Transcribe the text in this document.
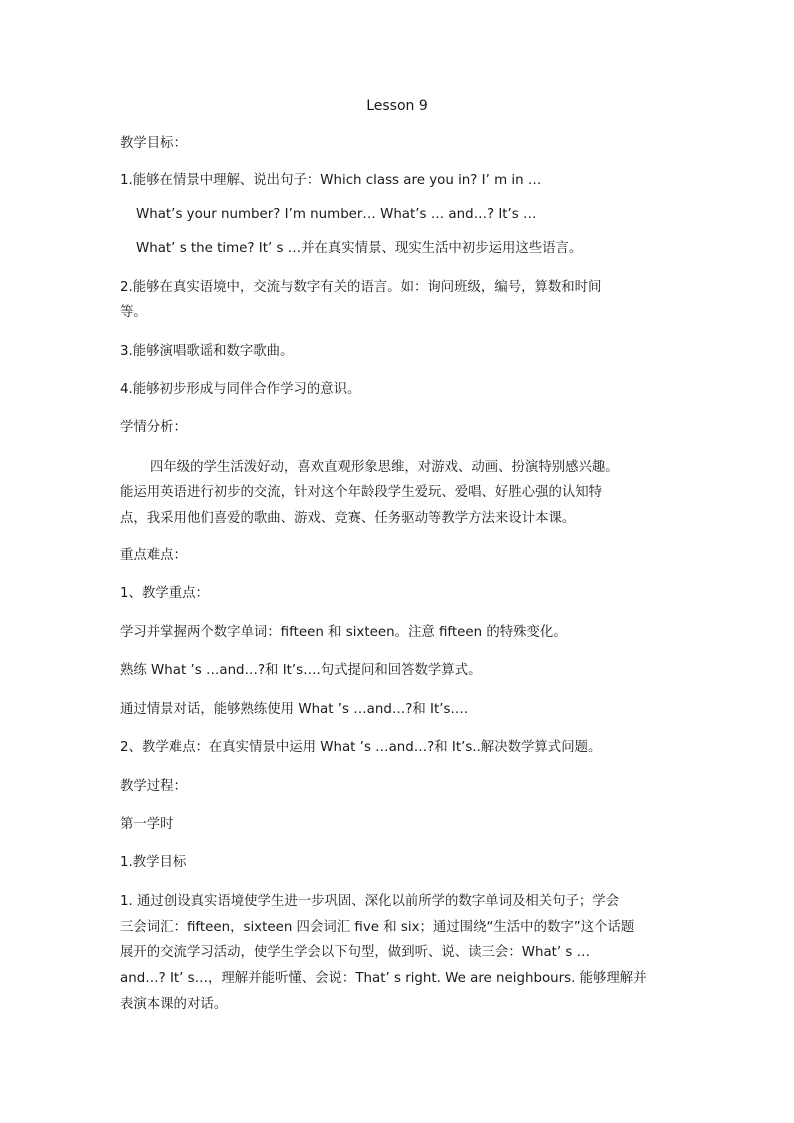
Lesson 9
教学目标：
1.能够在情景中理解、说出句子：Which class are you in? I’ m in …
What’s your number? I’m number… What’s … and…? It’s …
What’ s the time? It’ s …并在真实情景、现实生活中初步运用这些语言。
2.能够在真实语境中，交流与数字有关的语言。如：询问班级，编号，算数和时间
等。
3.能够演唱歌谣和数字歌曲。
4.能够初步形成与同伴合作学习的意识。
学情分析：
四年级的学生活泼好动，喜欢直观形象思维，对游戏、动画、扮演特别感兴趣。
能运用英语进行初步的交流，针对这个年龄段学生爱玩、爱唱、好胜心强的认知特
点，我采用他们喜爱的歌曲、游戏、竞赛、任务驱动等教学方法来设计本课。
重点难点：
1、教学重点：
学习并掌握两个数字单词：fifteen 和 sixteen。注意 fifteen 的特殊变化。
熟练 What ’s …and…?和 It’s….句式提问和回答数学算式。
通过情景对话，能够熟练使用 What ’s …and…?和 It’s….
2、教学难点：在真实情景中运用 What ’s …and…?和 It’s..解决数学算式问题。
教学过程：
第一学时
1.教学目标
1. 通过创设真实语境使学生进一步巩固、深化以前所学的数字单词及相关句子；学会
三会词汇：fifteen，sixteen 四会词汇 five 和 six；通过围绕“生活中的数字”这个话题
展开的交流学习活动，使学生学会以下句型，做到听、说、读三会：What’ s …
and…? It’ s…，理解并能听懂、会说：That’ s right. We are neighbours. 能够理解并
表演本课的对话。
